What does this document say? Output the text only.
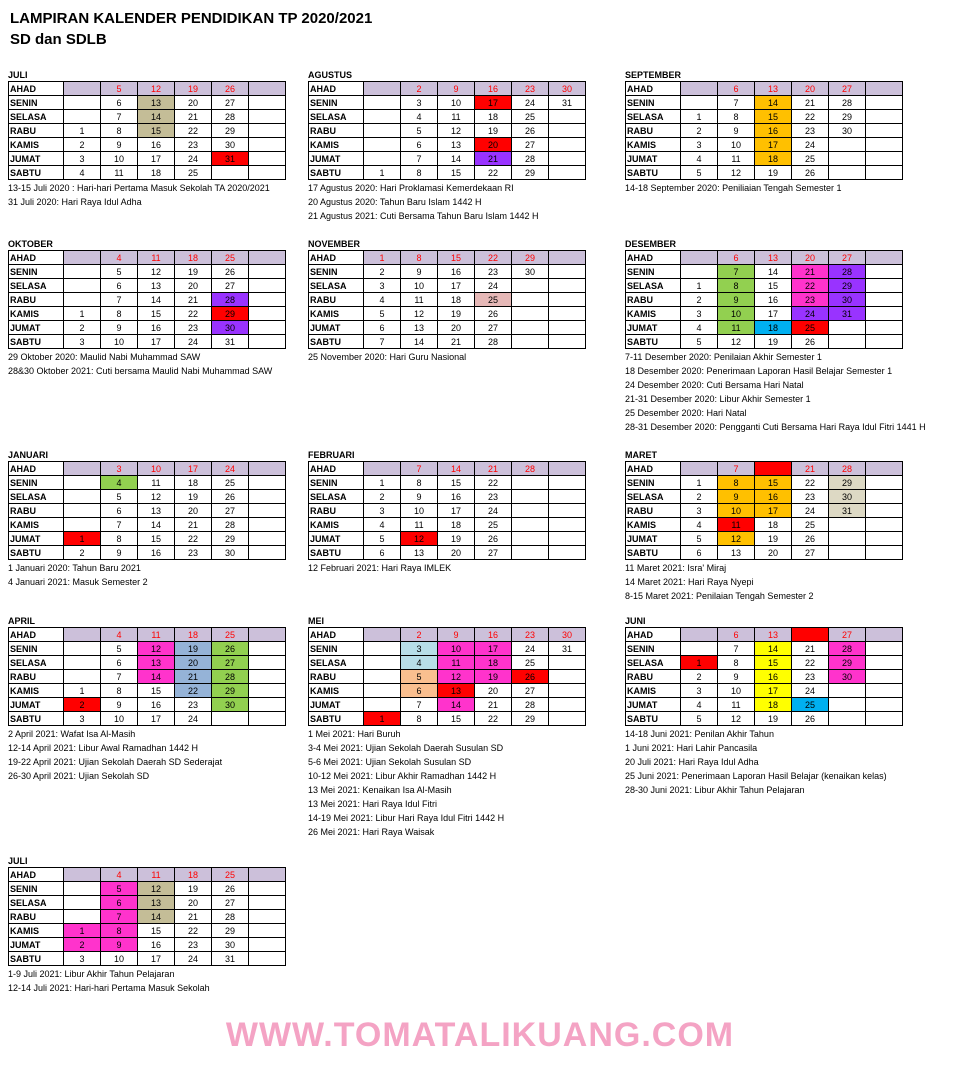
LAMPIRAN KALENDER PENDIDIKAN TP 2020/2021
SD dan SDLB
JULI
AHAD		5	12	19	26	
SENIN		6	13	20	27	
SELASA		7	14	21	28	
RABU	1	8	15	22	29	
KAMIS	2	9	16	23	30	
JUMAT	3	10	17	24	31	
SABTU	4	11	18	25		
13-15 Juli 2020 : Hari-hari Pertama Masuk Sekolah TA 2020/2021
31 Juli 2020: Hari Raya Idul Adha
AGUSTUS
AHAD		2	9	16	23	30
SENIN		3	10	17	24	31
SELASA		4	11	18	25	
RABU		5	12	19	26	
KAMIS		6	13	20	27	
JUMAT		7	14	21	28	
SABTU	1	8	15	22	29	
17 Agustus 2020: Hari Proklamasi Kemerdekaan RI
20 Agustus 2020: Tahun Baru Islam 1442 H
21 Agustus 2021: Cuti Bersama Tahun Baru Islam 1442 H
SEPTEMBER
AHAD		6	13	20	27	
SENIN		7	14	21	28	
SELASA	1	8	15	22	29	
RABU	2	9	16	23	30	
KAMIS	3	10	17	24		
JUMAT	4	11	18	25		
SABTU	5	12	19	26		
14-18 September 2020: Peniliaian Tengah Semester 1
OKTOBER
AHAD		4	11	18	25	
SENIN		5	12	19	26	
SELASA		6	13	20	27	
RABU		7	14	21	28	
KAMIS	1	8	15	22	29	
JUMAT	2	9	16	23	30	
SABTU	3	10	17	24	31	
29 Oktober 2020: Maulid Nabi Muhammad SAW
28&30 Oktober 2021: Cuti bersama Maulid Nabi Muhammad SAW
NOVEMBER
AHAD	1	8	15	22	29	
SENIN	2	9	16	23	30	
SELASA	3	10	17	24		
RABU	4	11	18	25		
KAMIS	5	12	19	26		
JUMAT	6	13	20	27		
SABTU	7	14	21	28		
25 November 2020: Hari Guru Nasional
DESEMBER
AHAD		6	13	20	27	
SENIN		7	14	21	28	
SELASA	1	8	15	22	29	
RABU	2	9	16	23	30	
KAMIS	3	10	17	24	31	
JUMAT	4	11	18	25		
SABTU	5	12	19	26		
7-11 Desember 2020: Penilaian Akhir Semester 1
18 Desember 2020: Penerimaan Laporan Hasil Belajar Semester 1
24 Desember 2020: Cuti Bersama Hari Natal
21-31 Desember 2020: Libur Akhir Semester 1
25 Desember 2020: Hari Natal
28-31 Desember 2020: Pengganti Cuti Bersama Hari Raya Idul Fitri 1441 H
JANUARI
AHAD		3	10	17	24	
SENIN		4	11	18	25	
SELASA		5	12	19	26	
RABU		6	13	20	27	
KAMIS		7	14	21	28	
JUMAT	1	8	15	22	29	
SABTU	2	9	16	23	30	
1 Januari 2020: Tahun Baru 2021
4 Januari 2021: Masuk Semester 2
FEBRUARI
AHAD		7	14	21	28	
SENIN	1	8	15	22		
SELASA	2	9	16	23		
RABU	3	10	17	24		
KAMIS	4	11	18	25		
JUMAT	5	12	19	26		
SABTU	6	13	20	27		
12 Februari 2021: Hari Raya IMLEK
MARET
AHAD		7	14	21	28	
SENIN	1	8	15	22	29	
SELASA	2	9	16	23	30	
RABU	3	10	17	24	31	
KAMIS	4	11	18	25		
JUMAT	5	12	19	26		
SABTU	6	13	20	27		
11 Maret 2021: Isra' Miraj
14 Maret 2021: Hari Raya Nyepi
8-15 Maret 2021: Penilaian Tengah Semester 2
APRIL
AHAD		4	11	18	25	
SENIN		5	12	19	26	
SELASA		6	13	20	27	
RABU		7	14	21	28	
KAMIS	1	8	15	22	29	
JUMAT	2	9	16	23	30	
SABTU	3	10	17	24		
2 April 2021: Wafat Isa Al-Masih
12-14 April 2021: Libur Awal Ramadhan 1442 H
19-22 April 2021: Ujian Sekolah Daerah SD Sederajat
26-30 April 2021: Ujian Sekolah SD
MEI
AHAD		2	9	16	23	30
SENIN		3	10	17	24	31
SELASA		4	11	18	25	
RABU		5	12	19	26	
KAMIS		6	13	20	27	
JUMAT		7	14	21	28	
SABTU	1	8	15	22	29	
1 Mei 2021: Hari Buruh
3-4 Mei 2021: Ujian Sekolah Daerah Susulan SD
5-6 Mei 2021: Ujian Sekolah Susulan SD
10-12 Mei 2021: Libur Akhir Ramadhan 1442 H
13 Mei 2021: Kenaikan Isa Al-Masih
13 Mei 2021: Hari Raya Idul Fitri
14-19 Mei 2021: Libur Hari Raya Idul Fitri 1442 H
26 Mei 2021: Hari Raya Waisak
JUNI
AHAD		6	13	20	27	
SENIN		7	14	21	28	
SELASA	1	8	15	22	29	
RABU	2	9	16	23	30	
KAMIS	3	10	17	24		
JUMAT	4	11	18	25		
SABTU	5	12	19	26		
14-18 Juni 2021: Penilan Akhir Tahun
1 Juni 2021: Hari Lahir Pancasila
20 Juli 2021: Hari Raya Idul Adha
25 Juni 2021: Penerimaan Laporan Hasil Belajar (kenaikan kelas)
28-30 Juni 2021: Libur Akhir Tahun Pelajaran
JULI
AHAD		4	11	18	25	
SENIN		5	12	19	26	
SELASA		6	13	20	27	
RABU		7	14	21	28	
KAMIS	1	8	15	22	29	
JUMAT	2	9	16	23	30	
SABTU	3	10	17	24	31	
1-9 Juli 2021: Libur Akhir Tahun Pelajaran
12-14 Juli 2021: Hari-hari Pertama Masuk Sekolah
WWW.TOMATALIKUANG.COM
